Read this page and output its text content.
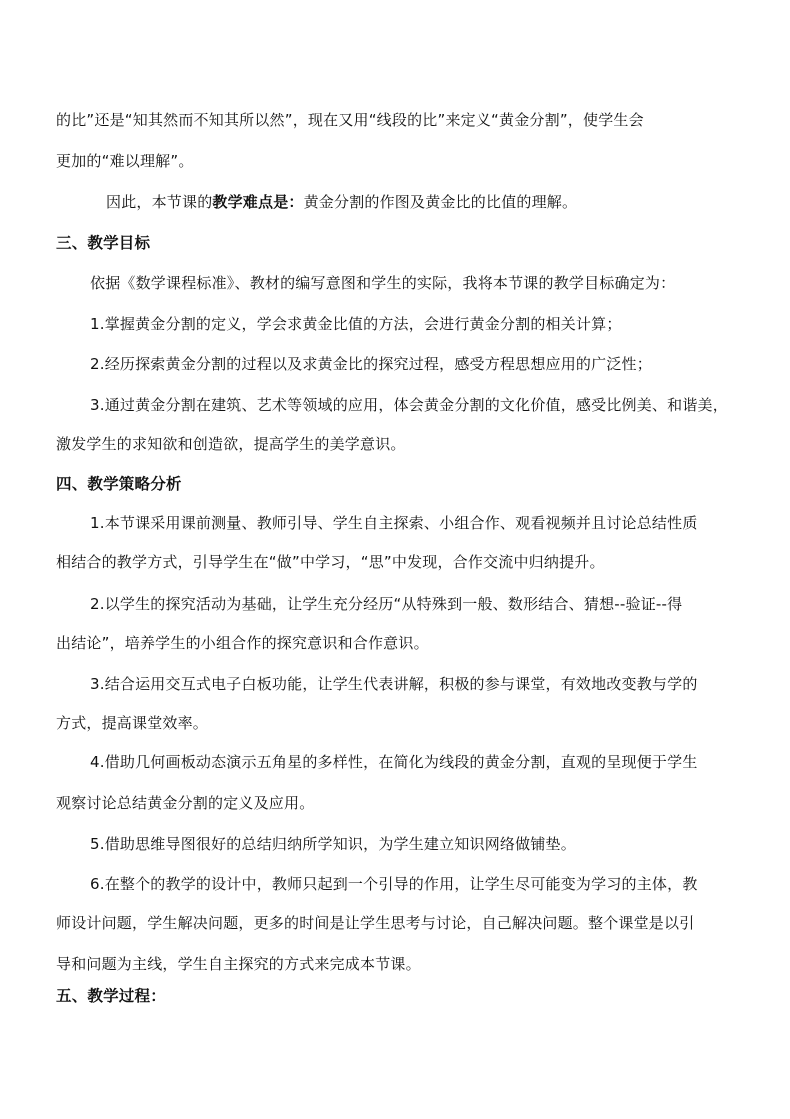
的比”还是“知其然而不知其所以然”，现在又用“线段的比”来定义“黄金分割”，使学生会
更加的“难以理解”。
因此，本节课的教学难点是：黄金分割的作图及黄金比的比值的理解。
三、教学目标
依据《数学课程标准》、教材的编写意图和学生的实际，我将本节课的教学目标确定为：
1.掌握黄金分割的定义，学会求黄金比值的方法，会进行黄金分割的相关计算；
2.经历探索黄金分割的过程以及求黄金比的探究过程，感受方程思想应用的广泛性；
3.通过黄金分割在建筑、艺术等领域的应用，体会黄金分割的文化价值，感受比例美、和谐美，
激发学生的求知欲和创造欲，提高学生的美学意识。
四、教学策略分析
1.本节课采用课前测量、教师引导、学生自主探索、小组合作、观看视频并且讨论总结性质
相结合的教学方式，引导学生在“做”中学习，“思”中发现，合作交流中归纳提升。
2.以学生的探究活动为基础，让学生充分经历“从特殊到一般、数形结合、猜想--验证--得
出结论”，培养学生的小组合作的探究意识和合作意识。
3.结合运用交互式电子白板功能，让学生代表讲解，积极的参与课堂，有效地改变教与学的
方式，提高课堂效率。
4.借助几何画板动态演示五角星的多样性，在简化为线段的黄金分割，直观的呈现便于学生
观察讨论总结黄金分割的定义及应用。
5.借助思维导图很好的总结归纳所学知识，为学生建立知识网络做铺垫。
6.在整个的教学的设计中，教师只起到一个引导的作用，让学生尽可能变为学习的主体，教
师设计问题，学生解决问题，更多的时间是让学生思考与讨论，自己解决问题。整个课堂是以引
导和问题为主线，学生自主探究的方式来完成本节课。
五、教学过程：
